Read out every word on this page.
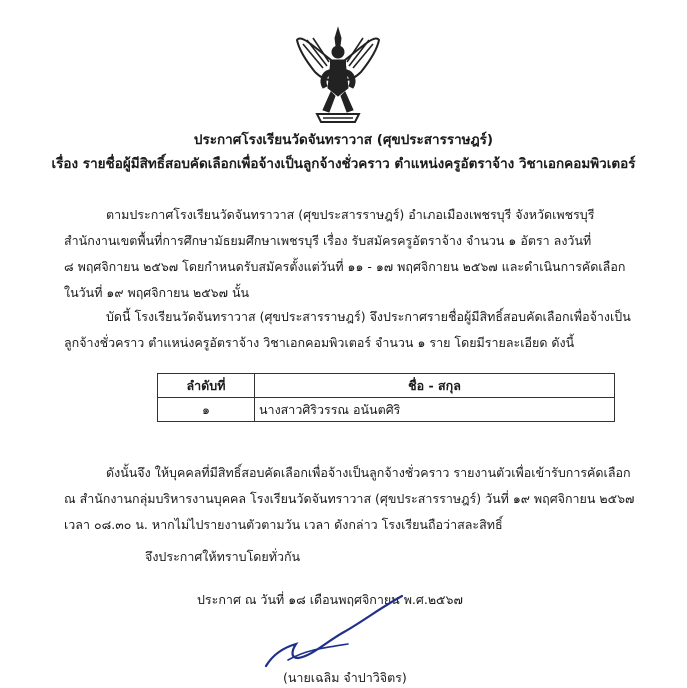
ประกาศโรงเรียนวัดจันทราวาส (ศุขประสารราษฎร์)
เรื่อง รายชื่อผู้มีสิทธิ์สอบคัดเลือกเพื่อจ้างเป็นลูกจ้างชั่วคราว ตำแหน่งครูอัตราจ้าง วิชาเอกคอมพิวเตอร์
ตามประกาศโรงเรียนวัดจันทราวาส (ศุขประสารราษฎร์) อำเภอเมืองเพชรบุรี จังหวัดเพชรบุรี
สำนักงานเขตพื้นที่การศึกษามัธยมศึกษาเพชรบุรี เรื่อง รับสมัครครูอัตราจ้าง จำนวน ๑ อัตรา ลงวันที่
๘ พฤศจิกายน ๒๕๖๗ โดยกำหนดรับสมัครตั้งแต่วันที่ ๑๑ - ๑๗ พฤศจิกายน ๒๕๖๗ และดำเนินการคัดเลือก
ในวันที่ ๑๙ พฤศจิกายน ๒๕๖๗ นั้น
บัดนี้ โรงเรียนวัดจันทราวาส (ศุขประสารราษฎร์) จึงประกาศรายชื่อผู้มีสิทธิ์สอบคัดเลือกเพื่อจ้างเป็น
ลูกจ้างชั่วคราว ตำแหน่งครูอัตราจ้าง วิชาเอกคอมพิวเตอร์ จำนวน ๑ ราย โดยมีรายละเอียด ดังนี้
ลำดับที่	ชื่อ - สกุล
๑	นางสาวศิริวรรณ อนันตศิริ
ดังนั้นจึง ให้บุคคลที่มีสิทธิ์สอบคัดเลือกเพื่อจ้างเป็นลูกจ้างชั่วคราว รายงานตัวเพื่อเข้ารับการคัดเลือก
ณ สำนักงานกลุ่มบริหารงานบุคคล โรงเรียนวัดจันทราวาส (ศุขประสารราษฎร์) วันที่ ๑๙ พฤศจิกายน ๒๕๖๗
เวลา ๐๘.๓๐ น. หากไม่ไปรายงานตัวตามวัน เวลา ดังกล่าว โรงเรียนถือว่าสละสิทธิ์
จึงประกาศให้ทราบโดยทั่วกัน
ประกาศ ณ วันที่ ๑๘ เดือนพฤศจิกายน พ.ศ.๒๕๖๗
(นายเฉลิม จำปาวิจิตร)
